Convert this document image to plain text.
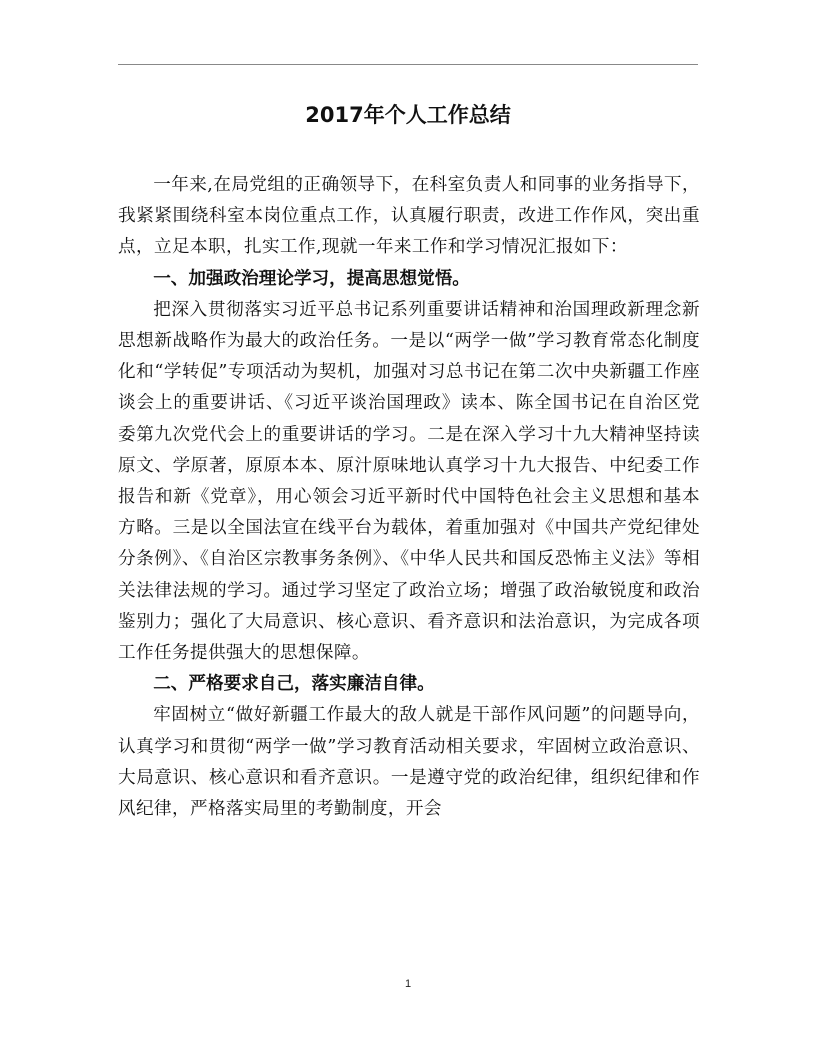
2017年个人工作总结

一年来,在局党组的正确领导下，在科室负责人和同事的业务指导下，我紧紧围绕科室本岗位重点工作，认真履行职责，改进工作作风，突出重点，立足本职，扎实工作,现就一年来工作和学习情况汇报如下：

一、加强政治理论学习，提高思想觉悟。

把深入贯彻落实习近平总书记系列重要讲话精神和治国理政新理念新思想新战略作为最大的政治任务。一是以“两学一做”学习教育常态化制度化和“学转促”专项活动为契机，加强对习总书记在第二次中央新疆工作座谈会上的重要讲话、《习近平谈治国理政》读本、陈全国书记在自治区党委第九次党代会上的重要讲话的学习。二是在深入学习十九大精神坚持读原文、学原著，原原本本、原汁原味地认真学习十九大报告、中纪委工作报告和新《党章》，用心领会习近平新时代中国特色社会主义思想和基本方略。三是以全国法宣在线平台为载体，着重加强对《中国共产党纪律处分条例》、《自治区宗教事务条例》、《中华人民共和国反恐怖主义法》等相关法律法规的学习。通过学习坚定了政治立场；增强了政治敏锐度和政治鉴别力；强化了大局意识、核心意识、看齐意识和法治意识，为完成各项工作任务提供强大的思想保障。

二、严格要求自己，落实廉洁自律。

牢固树立“做好新疆工作最大的敌人就是干部作风问题”的问题导向，认真学习和贯彻“两学一做”学习教育活动相关要求，牢固树立政治意识、大局意识、核心意识和看齐意识。一是遵守党的政治纪律，组织纪律和作风纪律，严格落实局里的考勤制度，开会

1
